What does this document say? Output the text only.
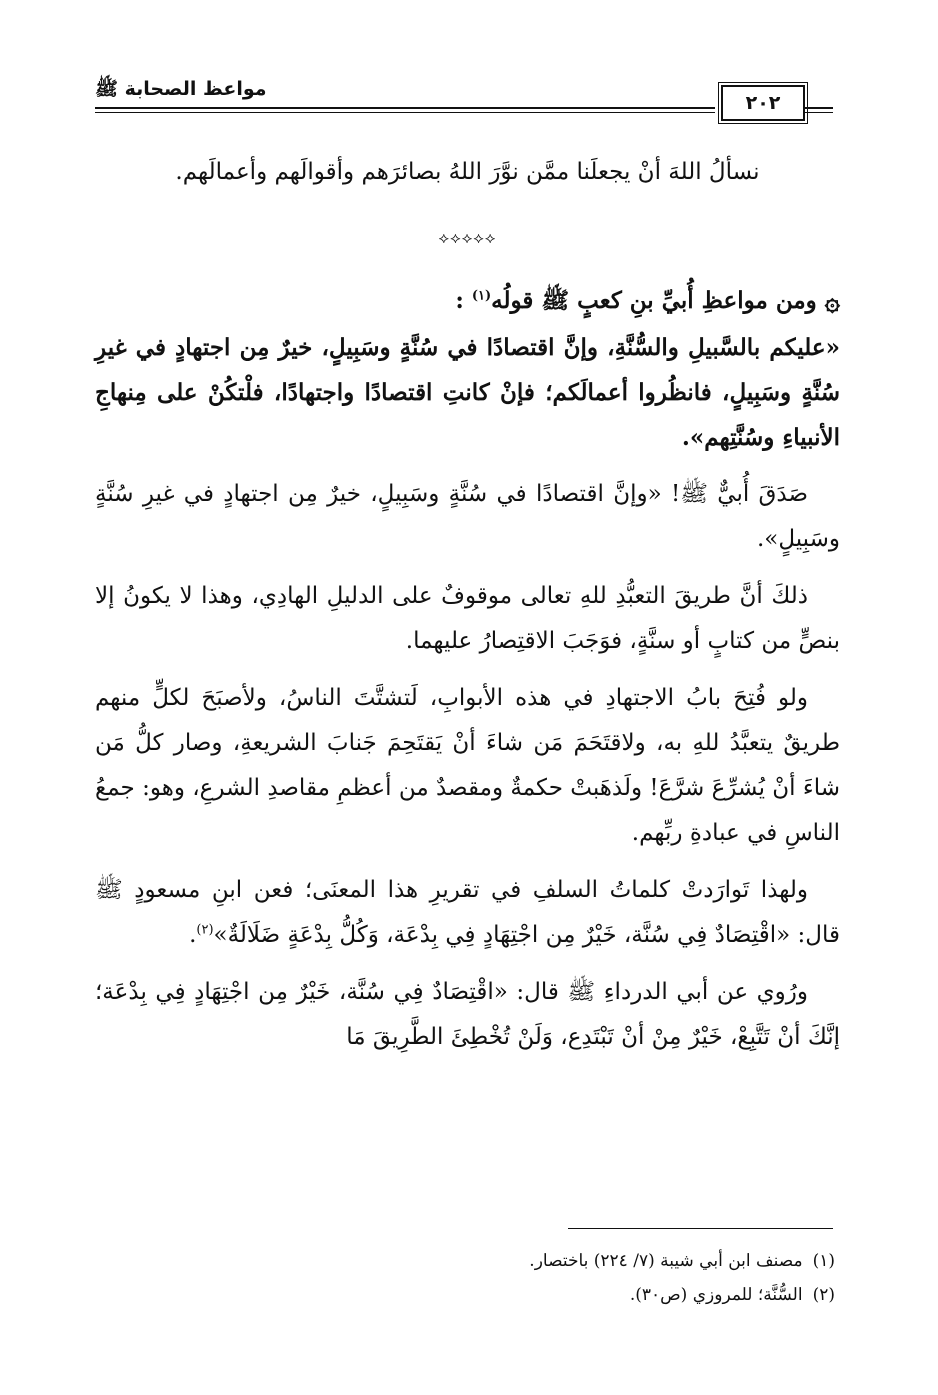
مواعظ الصحابة ﷺ
٢٠٢

نسألُ اللهَ أنْ يجعلَنا ممَّن نوَّرَ اللهُ بصائرَهم وأقوالَهم وأعمالَهم.

⟡⟡⟡⟡⟡

۞ومن مواعظِ أُبيِّ بنِ كعبٍ ﷺ قولُه$^{(١)}$ :

«عليكم بالسَّبيلِ والسُّنَّةِ، وإنَّ اقتصادًا في سُنَّةٍ وسَبِيلٍ، خيرٌ مِن اجتهادٍ في غيرِ سُنَّةٍ وسَبِيلٍ، فانظُروا أعمالَكم؛ فإنْ كانتِ اقتصادًا واجتهادًا، فلْتكُنْ على مِنهاجِ الأنبياءِ وسُنَّتِهم».

صَدَقَ أُبيٌّ ﷺ! «وإنَّ اقتصادًا في سُنَّةٍ وسَبِيلٍ، خيرٌ مِن اجتهادٍ في غيرِ سُنَّةٍ وسَبِيلٍ».

ذلكَ أنَّ طريقَ التعبُّدِ للهِ تعالى موقوفٌ على الدليلِ الهادِي، وهذا لا يكونُ إلا بنصٍّ من كتابٍ أو سنَّةٍ، فوَجَبَ الاقتِصارُ عليهما.

ولو فُتِحَ بابُ الاجتهادِ في هذه الأبوابِ، لَتشتَّتَ الناسُ، ولأصبَحَ لكلٍّ منهم طريقٌ يتعبَّدُ للهِ به، ولاقتَحَمَ مَن شاءَ أنْ يَقتَحِمَ جَنابَ الشريعةِ، وصار كلُّ مَن شاءَ أنْ يُشرِّعَ شرَّعَ! ولَذهَبتْ حكمةٌ ومقصدٌ من أعظمِ مقاصدِ الشرعِ، وهو: جمعُ الناسِ في عبادةِ ربِّهم.

ولهذا تَوارَدتْ كلماتُ السلفِ في تقريرِ هذا المعنَى؛ فعن ابنِ مسعودٍ ﷺ قال: «اقْتِصَادٌ فِي سُنَّة، خَيْرٌ مِن اجْتِهَادٍ فِي بِدْعَة، وَكُلُّ بِدْعَةٍ ضَلَالَةٌ»$^{(٢)}$.

ورُوي عن أبي الدرداءِ ﷺ قال: «اقْتِصَادٌ فِي سُنَّة، خَيْرٌ مِن اجْتِهَادٍ فِي بِدْعَة؛ إنَّكَ أنْ تَتَّبِعْ، خَيْرٌ مِنْ أنْ تَبْتَدِع، وَلَنْ تُخْطِئَ الطَّرِيقَ مَا

(١)مصنف ابن أبي شيبة (٧/ ٢٢٤) باختصار.
(٢)السُّنَّة؛ للمروزي (ص٣٠).
